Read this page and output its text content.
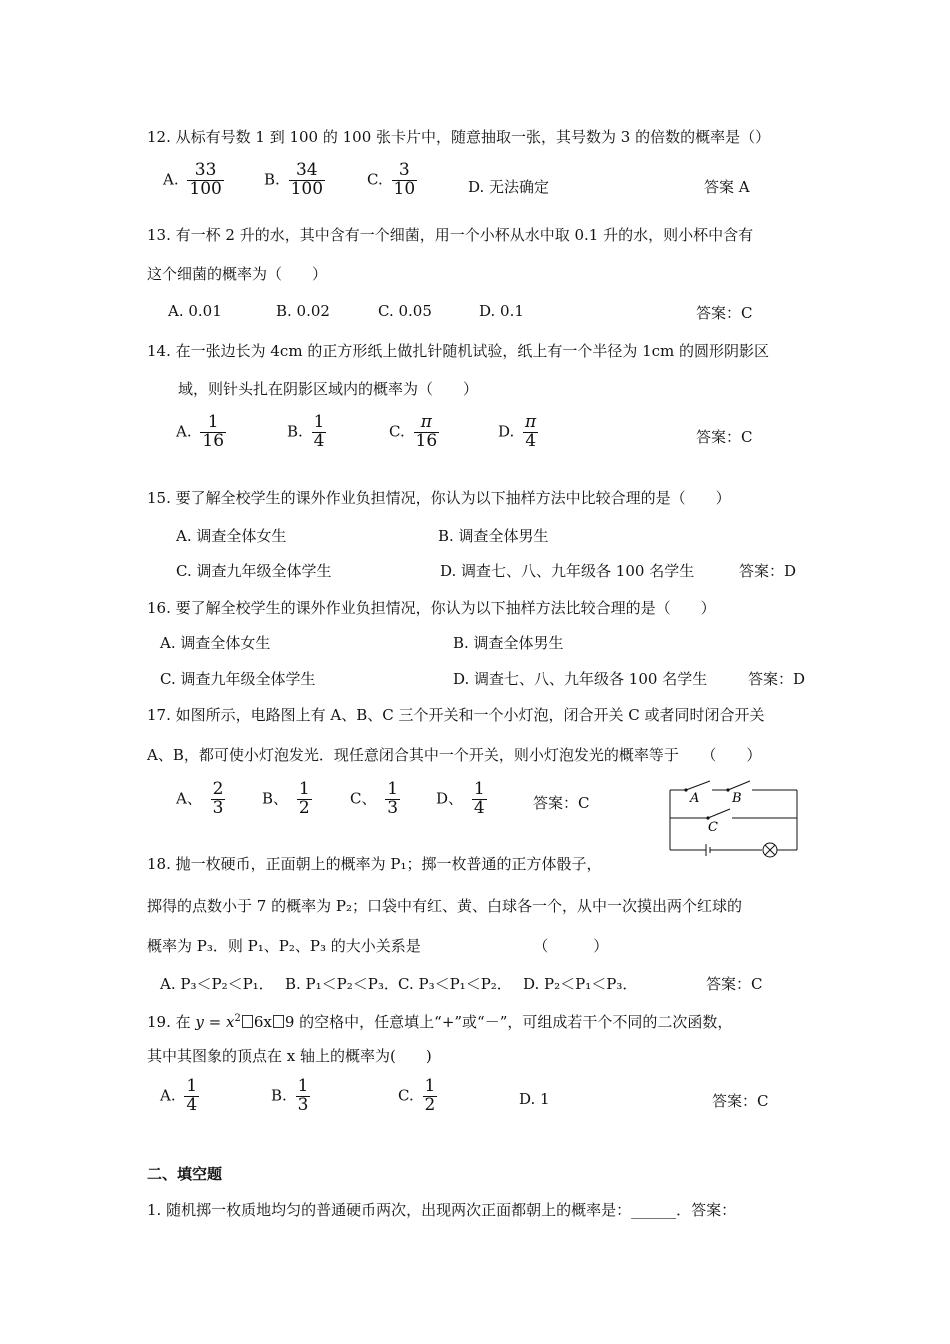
12. 从标有号数 1 到 100 的 100 张卡片中，随意抽取一张，其号数为 3 的倍数的概率是（）
A. $\frac{33}{100}$	B. $\frac{34}{100}$	C. $\frac{3}{10}$	D. 无法确定	答案 A
13. 有一杯 2 升的水，其中含有一个细菌，用一个小杯从水中取 0.1 升的水，则小杯中含有
这个细菌的概率为（　　）
A. 0.01	B. 0.02	C. 0.05	D. 0.1	答案：C
14. 在一张边长为 4cm 的正方形纸上做扎针随机试验，纸上有一个半径为 1cm 的圆形阴影区
域，则针头扎在阴影区域内的概率为（　　）
A. $\frac{1}{16}$	B. $\frac{1}{4}$	C. $\frac{\pi}{16}$	D. $\frac{\pi}{4}$	答案：C
15. 要了解全校学生的课外作业负担情况，你认为以下抽样方法中比较合理的是（　　）
A. 调查全体女生	B. 调查全体男生
C. 调查九年级全体学生	D. 调查七、八、九年级各 100 名学生	答案：D
16. 要了解全校学生的课外作业负担情况，你认为以下抽样方法比较合理的是（　　）
A. 调查全体女生	B. 调查全体男生
C. 调查九年级全体学生	D. 调查七、八、九年级各 100 名学生	答案：D
17. 如图所示，电路图上有 A、B、C 三个开关和一个小灯泡，闭合开关 C 或者同时闭合开关
A、B，都可使小灯泡发光．现任意闭合其中一个开关，则小灯泡发光的概率等于　　（　　）
A、 $\frac{2}{3}$ B、 $\frac{1}{2}$	C、 $\frac{1}{3}$ D、 $\frac{1}{4}$	答案：C	A	B
C
18. 抛一枚硬币，正面朝上的概率为 P₁；掷一枚普通的正方体骰子，
掷得的点数小于 7 的概率为 P₂；口袋中有红、黄、白球各一个，从中一次摸出两个红球的
概率为 P₃．则 P₁、P₂、P₃ 的大小关系是　　　　　　　　（　　　）
A. P₃＜P₂＜P₁． B. P₁＜P₂＜P₃． C. P₃＜P₁＜P₂． D. P₂＜P₁＜P₃．	答案：C
19. 在 $y = x^2$ 6x 9 的空格中，任意填上“+”或“－”，可组成若干个不同的二次函数，
其中其图象的顶点在 x 轴上的概率为(　　)
A. $\frac{1}{4}$	B. $\frac{1}{3}$	C. $\frac{1}{2}$	D. 1	答案：C
二、填空题
1. 随机掷一枚质地均匀的普通硬币两次，出现两次正面都朝上的概率是：______．答案：
